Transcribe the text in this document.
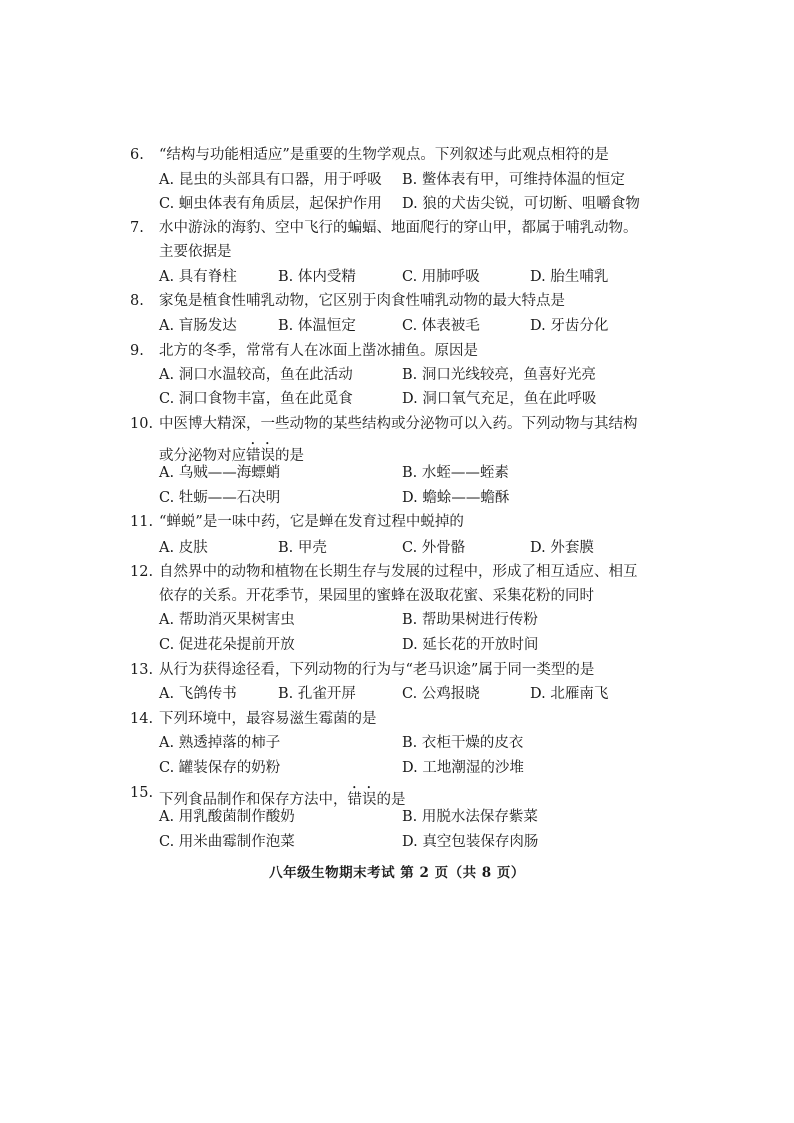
6. “结构与功能相适应”是重要的生物学观点。下列叙述与此观点相符的是
A. 昆虫的头部具有口器，用于呼吸 B. 鳖体表有甲，可维持体温的恒定
C. 蛔虫体表有角质层，起保护作用 D. 狼的犬齿尖锐，可切断、咀嚼食物
7. 水中游泳的海豹、空中飞行的蝙蝠、地面爬行的穿山甲，都属于哺乳动物。
主要依据是
A. 具有脊柱	B. 体内受精	C. 用肺呼吸	D. 胎生哺乳
8. 家兔是植食性哺乳动物，它区别于肉食性哺乳动物的最大特点是
A. 盲肠发达	B. 体温恒定	C. 体表被毛	D. 牙齿分化
9. 北方的冬季，常常有人在冰面上凿冰捕鱼。原因是
A. 洞口水温较高，鱼在此活动	B. 洞口光线较亮，鱼喜好光亮
C. 洞口食物丰富，鱼在此觅食	D. 洞口氧气充足，鱼在此呼吸
10. 中医博大精深，一些动物的某些结构或分泌物可以入药。下列动物与其结构
或分泌物对应错误的是
A. 乌贼——海螵蛸	B. 水蛭——蛭素
C. 牡蛎——石决明	D. 蟾蜍——蟾酥
11. “蝉蜕”是一味中药，它是蝉在发育过程中蜕掉的
A. 皮肤	B. 甲壳	C. 外骨骼	D. 外套膜
12. 自然界中的动物和植物在长期生存与发展的过程中，形成了相互适应、相互
依存的关系。开花季节，果园里的蜜蜂在汲取花蜜、采集花粉的同时
A. 帮助消灭果树害虫	B. 帮助果树进行传粉
C. 促进花朵提前开放	D. 延长花的开放时间
13. 从行为获得途径看，下列动物的行为与“老马识途”属于同一类型的是
A. 飞鸽传书	B. 孔雀开屏	C. 公鸡报晓	D. 北雁南飞
14. 下列环境中，最容易滋生霉菌的是
A. 熟透掉落的柿子	B. 衣柜干燥的皮衣
C. 罐装保存的奶粉	D. 工地潮湿的沙堆
15. 下列食品制作和保存方法中，错误的是
A. 用乳酸菌制作酸奶	B. 用脱水法保存紫菜
C. 用米曲霉制作泡菜	D. 真空包装保存肉肠
八年级生物期末考试 第 2 页（共 8 页）
